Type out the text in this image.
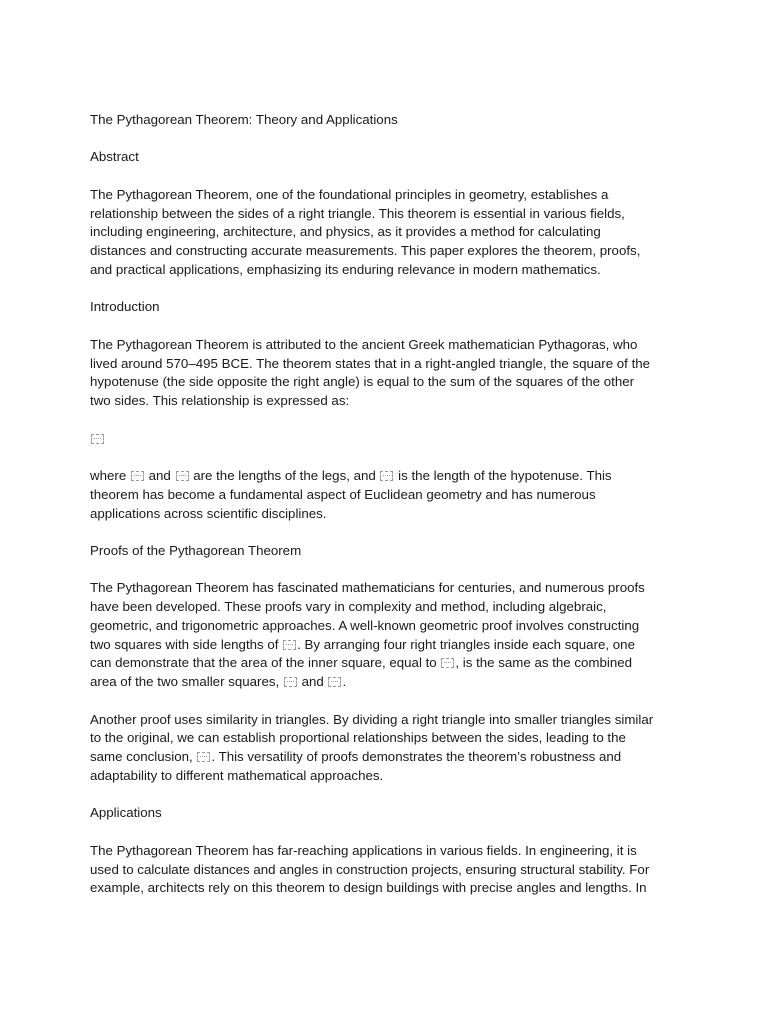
The Pythagorean Theorem: Theory and Applications
Abstract
The Pythagorean Theorem, one of the foundational principles in geometry, establishes a
relationship between the sides of a right triangle. This theorem is essential in various fields,
including engineering, architecture, and physics, as it provides a method for calculating
distances and constructing accurate measurements. This paper explores the theorem, proofs,
and practical applications, emphasizing its enduring relevance in modern mathematics.
Introduction
The Pythagorean Theorem is attributed to the ancient Greek mathematician Pythagoras, who
lived around 570–495 BCE. The theorem states that in a right-angled triangle, the square of the
hypotenuse (the side opposite the right angle) is equal to the sum of the squares of the other
two sides. This relationship is expressed as:
where  and  are the lengths of the legs, and  is the length of the hypotenuse. This
theorem has become a fundamental aspect of Euclidean geometry and has numerous
applications across scientific disciplines.
Proofs of the Pythagorean Theorem
The Pythagorean Theorem has fascinated mathematicians for centuries, and numerous proofs
have been developed. These proofs vary in complexity and method, including algebraic,
geometric, and trigonometric approaches. A well-known geometric proof involves constructing
two squares with side lengths of . By arranging four right triangles inside each square, one
can demonstrate that the area of the inner square, equal to , is the same as the combined
area of the two smaller squares,  and .
Another proof uses similarity in triangles. By dividing a right triangle into smaller triangles similar
to the original, we can establish proportional relationships between the sides, leading to the
same conclusion, . This versatility of proofs demonstrates the theorem’s robustness and
adaptability to different mathematical approaches.
Applications
The Pythagorean Theorem has far-reaching applications in various fields. In engineering, it is
used to calculate distances and angles in construction projects, ensuring structural stability. For
example, architects rely on this theorem to design buildings with precise angles and lengths. In
